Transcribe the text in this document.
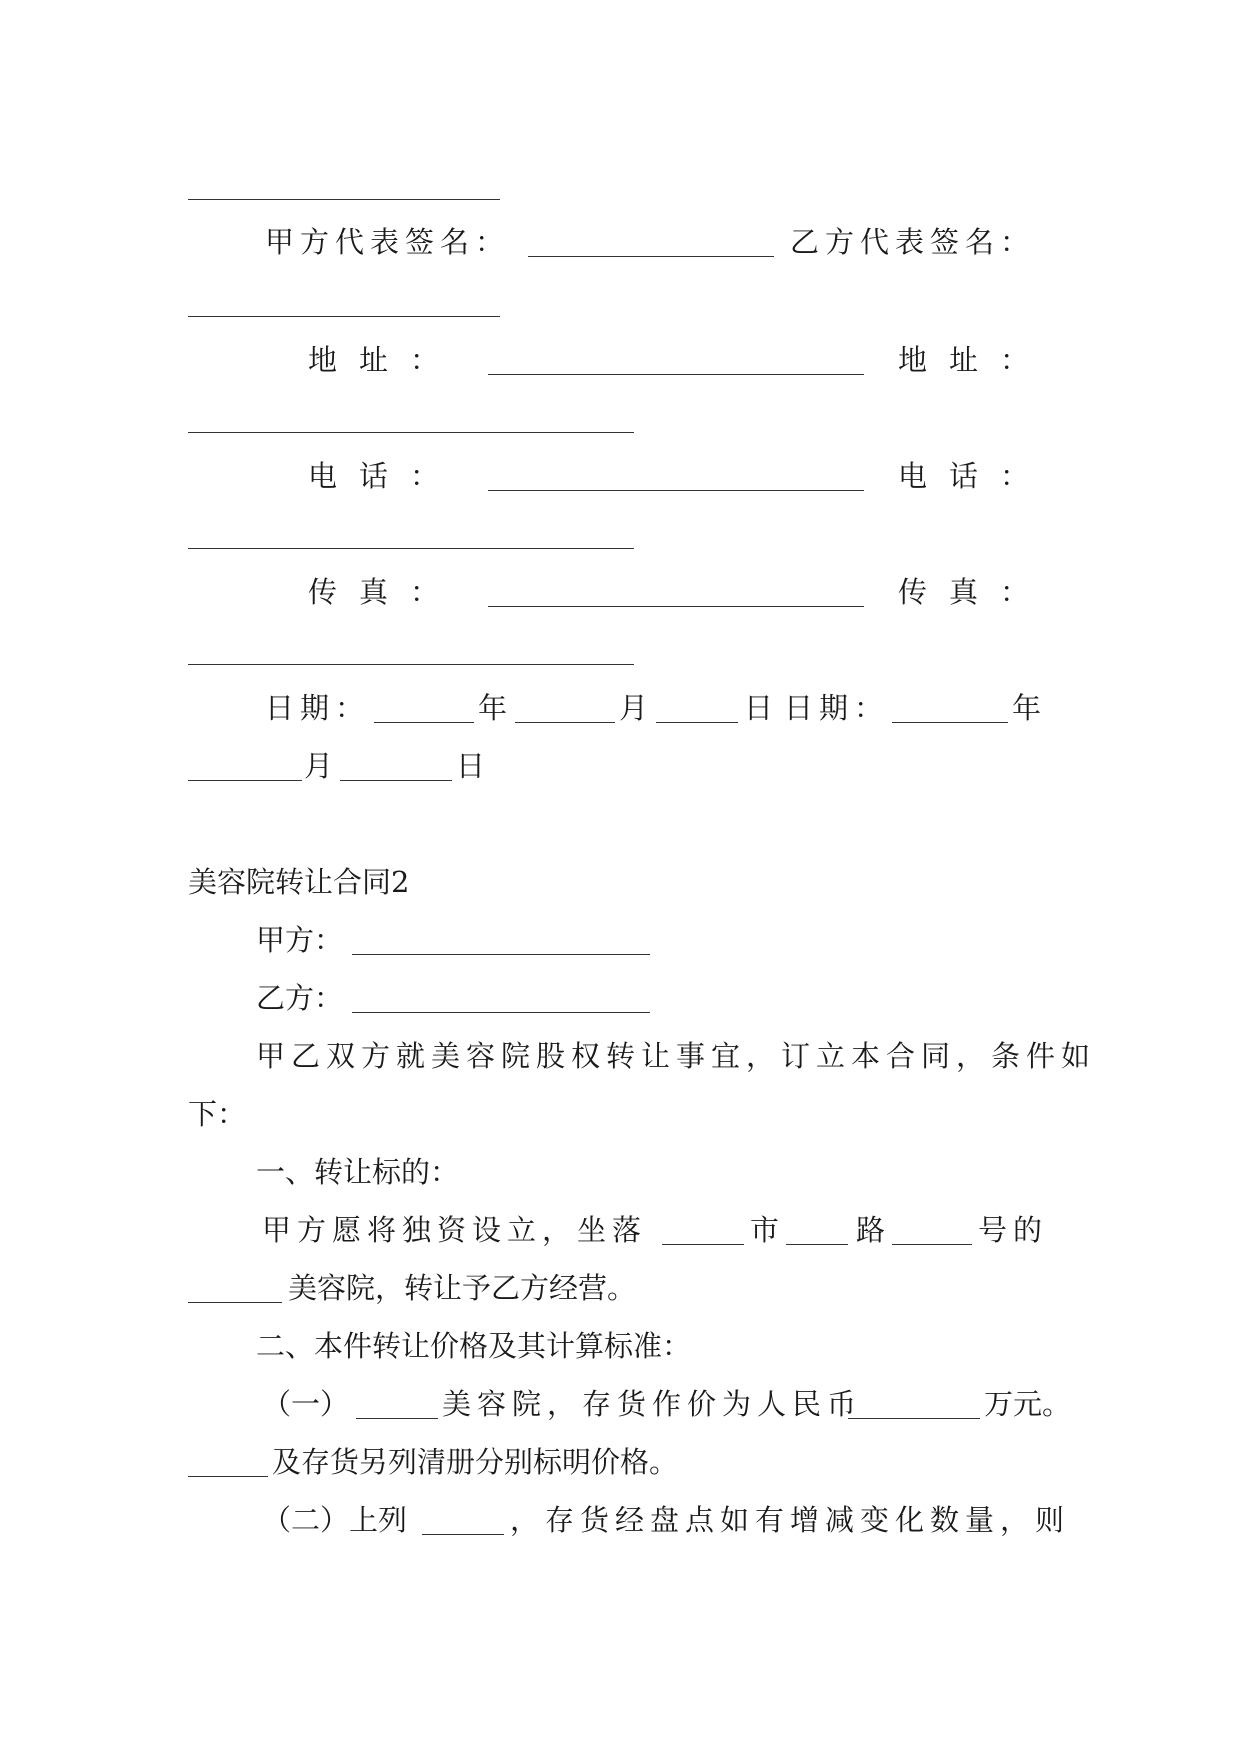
甲方代表签名：	乙方代表签名：
地址：	地址：
电话：	电话：
传真：	传真：
日期：	年	月	日 日期：	年
月	日
美容院转让合同2
甲方：
乙方：
甲乙双方就美容院股权转让事宜，订立本合同，条件如
下：
一、转让标的：
甲方愿将独资设立，坐落	市	路	号的
美容院，转让予乙方经营。
二、本件转让价格及其计算标准：
（一）	美容院，存货作价为人民币	万元。
及存货另列清册分别标明价格。
（二）上列	，存货经盘点如有增减变化数量，则
